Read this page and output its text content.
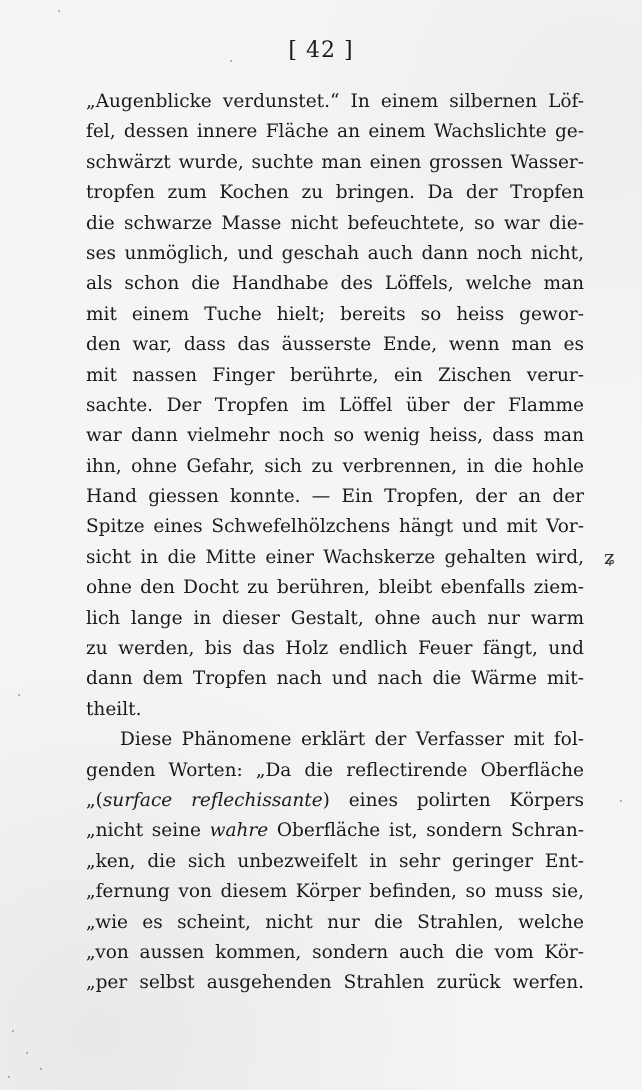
[ 42 ]
„Augenblicke verdunstet.“ In einem silbernen Löf-
fel, dessen innere Fläche an einem Wachslichte ge-
schwärzt wurde, suchte man einen grossen Wasser-
tropfen zum Kochen zu bringen. Da der Tropfen
die schwarze Masse nicht befeuchtete, so war die-
ses unmöglich, und geschah auch dann noch nicht,
als schon die Handhabe des Löffels, welche man
mit einem Tuche hielt; bereits so heiss gewor-
den war, dass das äusserste Ende, wenn man es
mit nassen Finger berührte, ein Zischen verur-
sachte. Der Tropfen im Löffel über der Flamme
war dann vielmehr noch so wenig heiss, dass man
ihn, ohne Gefahr, sich zu verbrennen, in die hohle
Hand giessen konnte. — Ein Tropfen, der an der
Spitze eines Schwefelhölzchens hängt und mit Vor-
sicht in die Mitte einer Wachskerze gehalten wird,
ohne den Docht zu berühren, bleibt ebenfalls ziem-
lich lange in dieser Gestalt, ohne auch nur warm
zu werden, bis das Holz endlich Feuer fängt, und
dann dem Tropfen nach und nach die Wärme mit-
theilt.
Diese Phänomene erklärt der Verfasser mit fol-
genden Worten: „Da die reflectirende Oberfläche
„(surface reflechissante) eines polirten Körpers
„nicht seine wahre Oberfläche ist, sondern Schran-
„ken, die sich unbezweifelt in sehr geringer Ent-
„fernung von diesem Körper befinden, so muss sie,
„wie es scheint, nicht nur die Strahlen, welche
„von aussen kommen, sondern auch die vom Kör-
„per selbst ausgehenden Strahlen zurück werfen.
ʑ
